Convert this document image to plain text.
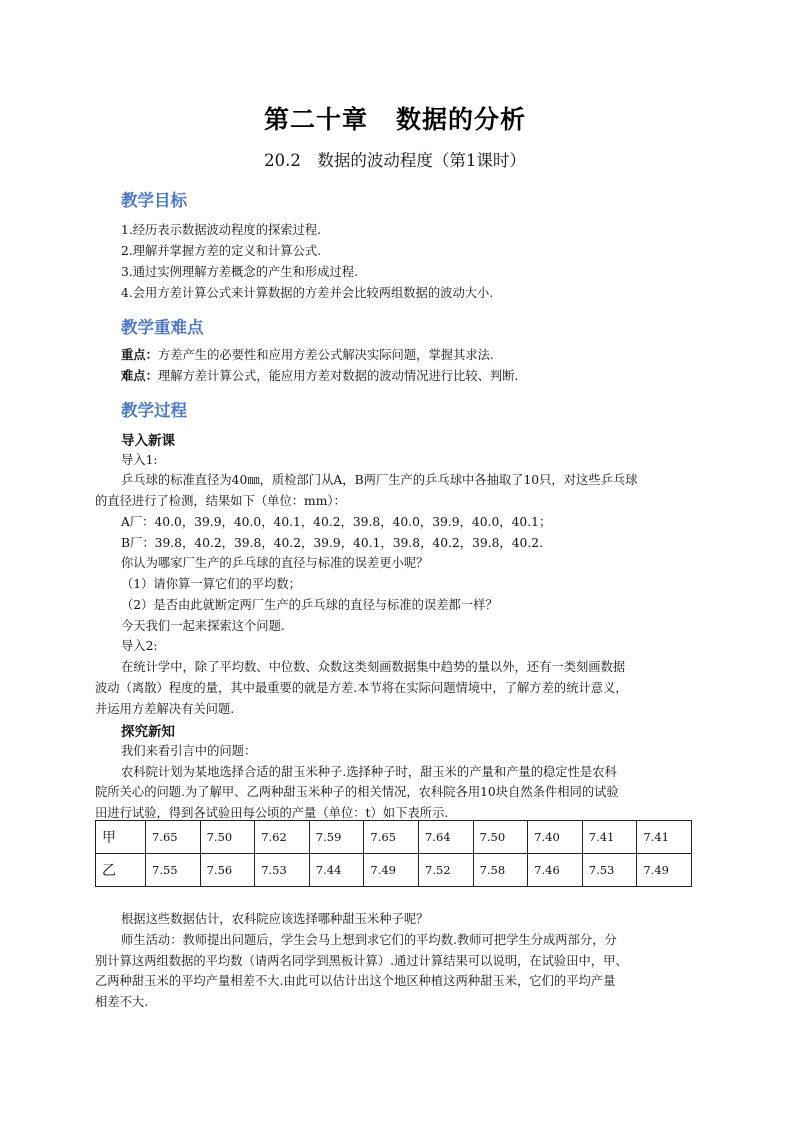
第二十章 数据的分析
20.2　数据的波动程度（第1课时）
教学目标
1.经历表示数据波动程度的探索过程.
2.理解并掌握方差的定义和计算公式.
3.通过实例理解方差概念的产生和形成过程.
4.会用方差计算公式来计算数据的方差并会比较两组数据的波动大小.
教学重难点
重点：方差产生的必要性和应用方差公式解决实际问题，掌握其求法.
难点：理解方差计算公式，能应用方差对数据的波动情况进行比较、判断.
教学过程
导入新课
导入1:
乒乓球的标准直径为40㎜，质检部门从A，B两厂生产的乒乓球中各抽取了10只，对这些乒乓球
的直径进行了检测，结果如下（单位：mm）：
A厂：40.0，39.9，40.0，40.1，40.2，39.8，40.0，39.9，40.0，40.1；
B厂：39.8，40.2，39.8，40.2，39.9，40.1，39.8，40.2，39.8，40.2.
你认为哪家厂生产的乒乓球的直径与标准的误差更小呢？
（1）请你算一算它们的平均数；
（2）是否由此就断定两厂生产的乒乓球的直径与标准的误差都一样？
今天我们一起来探索这个问题.
导入2:
在统计学中，除了平均数、中位数、众数这类刻画数据集中趋势的量以外，还有一类刻画数据
波动（离散）程度的量，其中最重要的就是方差.本节将在实际问题情境中，了解方差的统计意义，
并运用方差解决有关问题.
探究新知
我们来看引言中的问题：
农科院计划为某地选择合适的甜玉米种子.选择种子时，甜玉米的产量和产量的稳定性是农科
院所关心的问题.为了解甲、乙两种甜玉米种子的相关情况，农科院各用10块自然条件相同的试验
田进行试验，得到各试验田每公顷的产量（单位：t）如下表所示.
甲	7.65	7.50	7.62	7.59	7.65	7.64	7.50	7.40	7.41	7.41
乙	7.55	7.56	7.53	7.44	7.49	7.52	7.58	7.46	7.53	7.49
根据这些数据估计，农科院应该选择哪种甜玉米种子呢？
师生活动：教师提出问题后，学生会马上想到求它们的平均数.教师可把学生分成两部分，分
别计算这两组数据的平均数（请两名同学到黑板计算）.通过计算结果可以说明，在试验田中，甲、
乙两种甜玉米的平均产量相差不大.由此可以估计出这个地区种植这两种甜玉米，它们的平均产量
相差不大.
